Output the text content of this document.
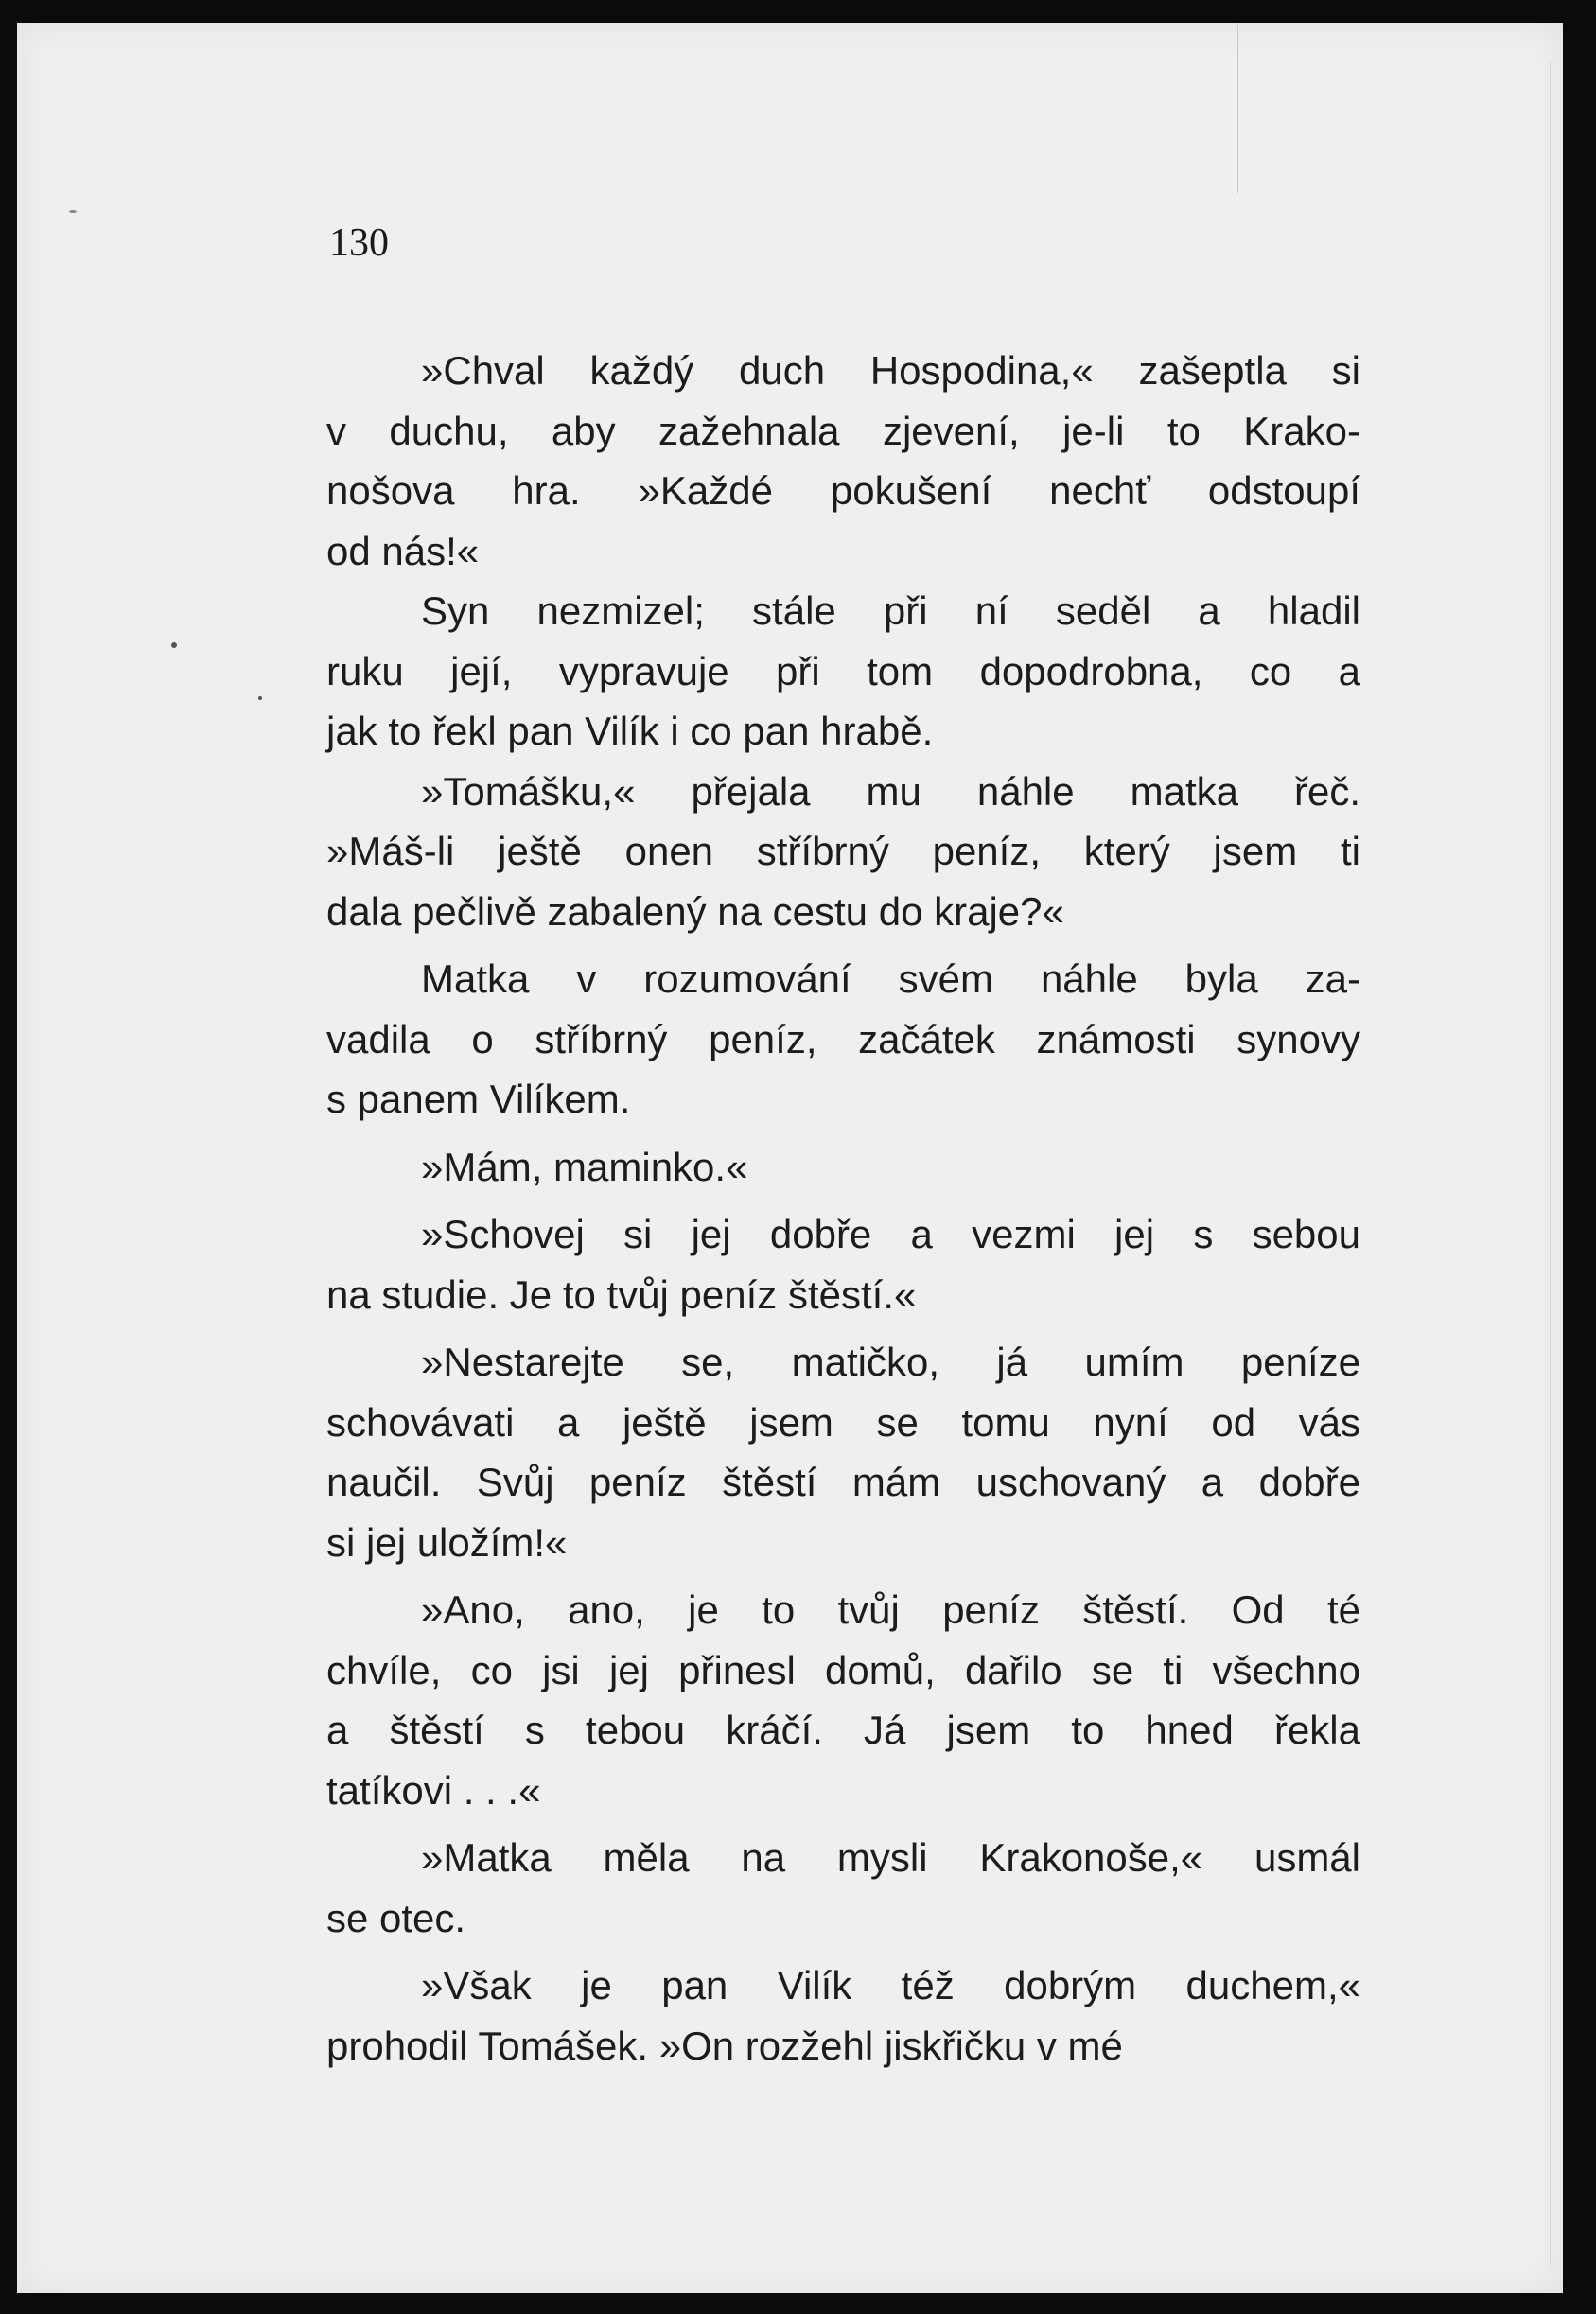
130

»Chval každý duch Hospodina,« zašeptla si
v duchu, aby zažehnala zjevení, je-li to Krako-
nošova hra. »Každé pokušení nechť odstoupí
od nás!«
Syn nezmizel; stále při ní seděl a hladil
ruku její, vypravuje při tom dopodrobna, co a
jak to řekl pan Vilík i co pan hrabě.
»Tomášku,« přejala mu náhle matka řeč.
»Máš-li ještě onen stříbrný peníz, který jsem ti
dala pečlivě zabalený na cestu do kraje?«
Matka v rozumování svém náhle byla za-
vadila o stříbrný peníz, začátek známosti synovy
s panem Vilíkem.
»Mám, maminko.«
»Schovej si jej dobře a vezmi jej s sebou
na studie. Je to tvůj peníz štěstí.«
»Nestarejte se, matičko, já umím peníze
schovávati a ještě jsem se tomu nyní od vás
naučil. Svůj peníz štěstí mám uschovaný a dobře
si jej uložím!«
»Ano, ano, je to tvůj peníz štěstí. Od té
chvíle, co jsi jej přinesl domů, dařilo se ti všechno
a štěstí s tebou kráčí. Já jsem to hned řekla
tatíkovi . . .«
»Matka měla na mysli Krakonoše,« usmál
se otec.
»Však je pan Vilík též dobrým duchem,«
prohodil Tomášek. »On rozžehl jiskřičku v mé
